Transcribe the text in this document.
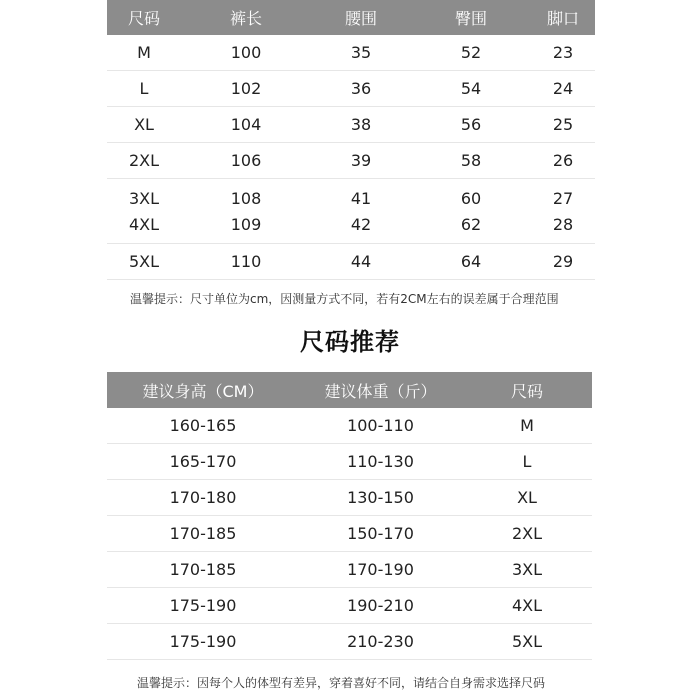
尺码	裤长	腰围	臀围	脚口
M	100	35	52	23
L	102	36	54	24
XL	104	38	56	25
2XL	106	39	58	26
3XL	108	41	60	27
4XL	109	42	62	28
5XL	110	44	64	29
温馨提示：尺寸单位为cm，因测量方式不同，若有2CM左右的误差属于合理范围
尺码推荐
建议身高（CM）	建议体重（斤）	尺码
160-165	100-110	M
165-170	110-130	L
170-180	130-150	XL
170-185	150-170	2XL
170-185	170-190	3XL
175-190	190-210	4XL
175-190	210-230	5XL
温馨提示：因每个人的体型有差异，穿着喜好不同，请结合自身需求选择尺码
